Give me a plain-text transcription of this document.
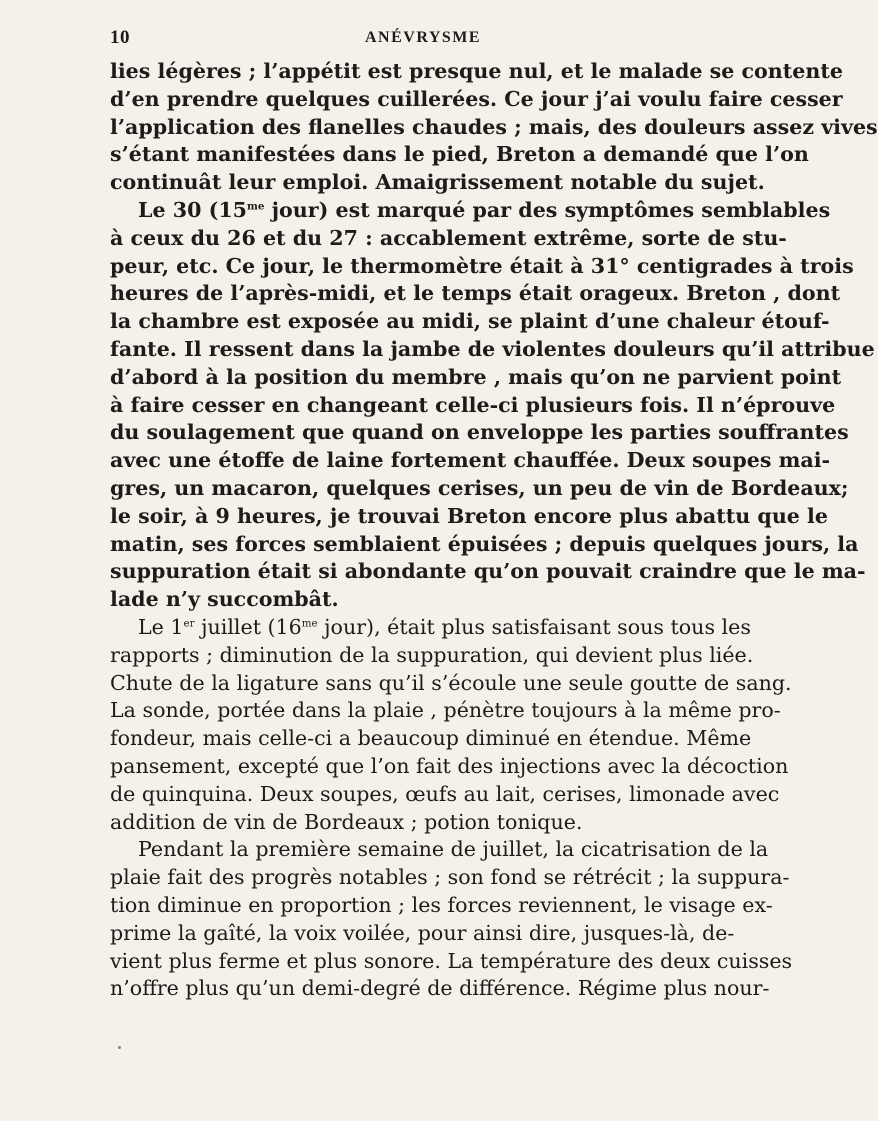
10	ANÉVRYSME
lies légères ; l’appétit est presque nul, et le malade se contente
d’en prendre quelques cuillerées. Ce jour j’ai voulu faire cesser
l’application des flanelles chaudes ; mais, des douleurs assez vives
s’étant manifestées dans le pied, Breton a demandé que l’on
continuât leur emploi. Amaigrissement notable du sujet.
Le 30 ($15^{me}$ jour) est marqué par des symptômes semblables
à ceux du 26 et du 27 : accablement extrême, sorte de stu-
peur, etc. Ce jour, le thermomètre était à 31° centigrades à trois
heures de l’après-midi, et le temps était orageux. Breton , dont
la chambre est exposée au midi, se plaint d’une chaleur étouf-
fante. Il ressent dans la jambe de violentes douleurs qu’il attribue
d’abord à la position du membre , mais qu’on ne parvient point
à faire cesser en changeant celle-ci plusieurs fois. Il n’éprouve
du soulagement que quand on enveloppe les parties souffrantes
avec une étoffe de laine fortement chauffée. Deux soupes mai-
gres, un macaron, quelques cerises, un peu de vin de Bordeaux;
le soir, à 9 heures, je trouvai Breton encore plus abattu que le
matin, ses forces semblaient épuisées ; depuis quelques jours, la
suppuration était si abondante qu’on pouvait craindre que le ma-
lade n’y succombât.
Le 1er juillet ($16^{me}$ jour), était plus satisfaisant sous tous les
rapports ; diminution de la suppuration, qui devient plus liée.
Chute de la ligature sans qu’il s’écoule une seule goutte de sang.
La sonde, portée dans la plaie , pénètre toujours à la même pro-
fondeur, mais celle-ci a beaucoup diminué en étendue. Même
pansement, excepté que l’on fait des injections avec la décoction
de quinquina. Deux soupes, œufs au lait, cerises, limonade avec
addition de vin de Bordeaux ; potion tonique.
Pendant la première semaine de juillet, la cicatrisation de la
plaie fait des progrès notables ; son fond se rétrécit ; la suppura-
tion diminue en proportion ; les forces reviennent, le visage ex-
prime la gaîté, la voix voilée, pour ainsi dire, jusques-là, de-
vient plus ferme et plus sonore. La température des deux cuisses
n’offre plus qu’un demi-degré de différence. Régime plus nour-
